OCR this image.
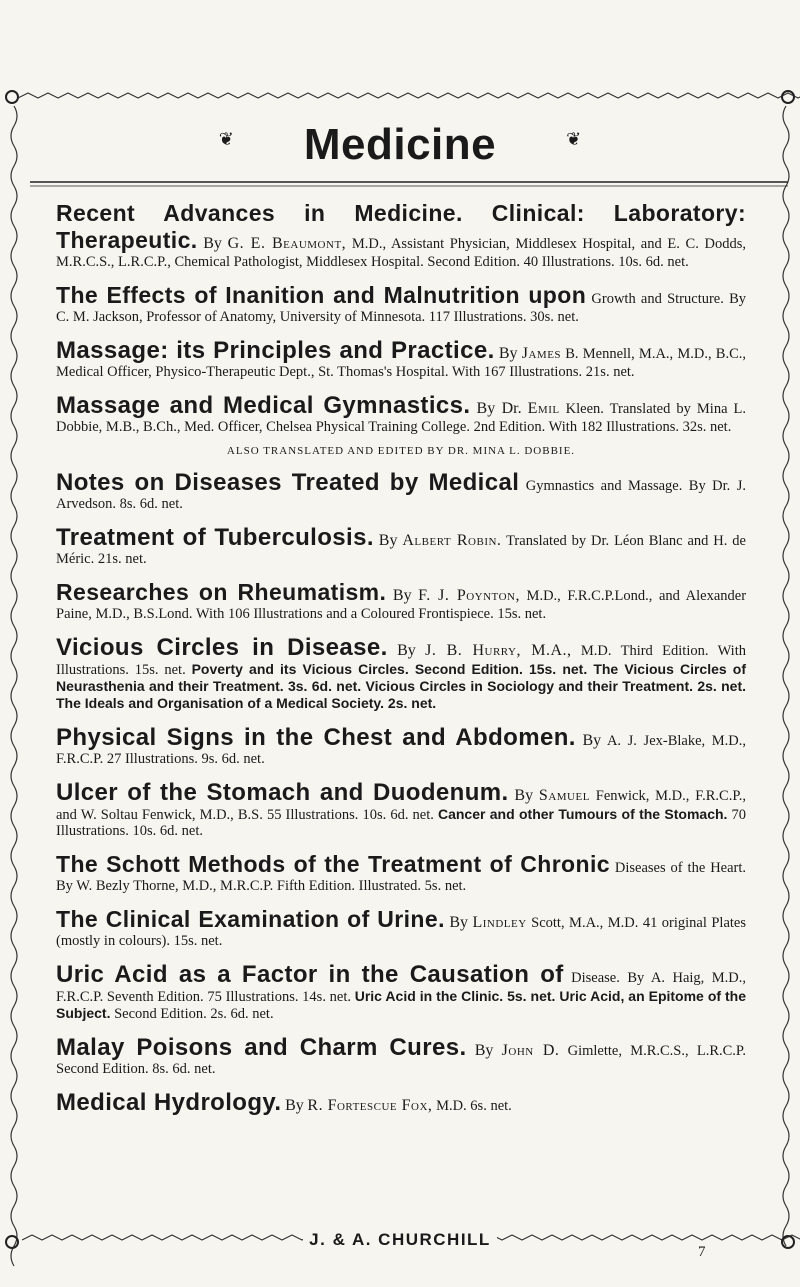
❦ Medicine	❦

Recent Advances in Medicine. Clinical: Laboratory: Therapeutic. By G. E. Beaumont, M.D., Assistant Physician, Middlesex Hospital, and E. C. Dodds, M.R.C.S., L.R.C.P., Chemical Pathologist, Middlesex Hospital. Second Edition. 40 Illustrations. 10s. 6d. net.

The Effects of Inanition and Malnutrition upon Growth and Structure. By C. M. Jackson, Professor of Anatomy, University of Minnesota. 117 Illustrations. 30s. net.

Massage: its Principles and Practice. By James B. Mennell, M.A., M.D., B.C., Medical Officer, Physico-Therapeutic Dept., St. Thomas's Hospital. With 167 Illustrations. 21s. net.

Massage and Medical Gymnastics. By Dr. Emil Kleen. Translated by Mina L. Dobbie, M.B., B.Ch., Med. Officer, Chelsea Physical Training College. 2nd Edition. With 182 Illustrations. 32s. net.

ALSO TRANSLATED AND EDITED BY DR. MINA L. DOBBIE.

Notes on Diseases Treated by Medical Gymnastics and Massage. By Dr. J. Arvedson. 8s. 6d. net.

Treatment of Tuberculosis. By Albert Robin. Translated by Dr. Léon Blanc and H. de Méric. 21s. net.

Researches on Rheumatism. By F. J. Poynton, M.D., F.R.C.P.Lond., and Alexander Paine, M.D., B.S.Lond. With 106 Illustrations and a Coloured Frontispiece. 15s. net.

Vicious Circles in Disease. By J. B. Hurry, M.A., M.D. Third Edition. With Illustrations. 15s. net. Poverty and its Vicious Circles. Second Edition. 15s. net. The Vicious Circles of Neurasthenia and their Treatment. 3s. 6d. net. Vicious Circles in Sociology and their Treatment. 2s. net. The Ideals and Organisation of a Medical Society. 2s. net.

Physical Signs in the Chest and Abdomen. By A. J. Jex-Blake, M.D., F.R.C.P. 27 Illustrations. 9s. 6d. net.

Ulcer of the Stomach and Duodenum. By Samuel Fenwick, M.D., F.R.C.P., and W. Soltau Fenwick, M.D., B.S. 55 Illustrations. 10s. 6d. net. Cancer and other Tumours of the Stomach. 70 Illustrations. 10s. 6d. net.

The Schott Methods of the Treatment of Chronic Diseases of the Heart. By W. Bezly Thorne, M.D., M.R.C.P. Fifth Edition. Illustrated. 5s. net.

The Clinical Examination of Urine. By Lindley Scott, M.A., M.D. 41 original Plates (mostly in colours). 15s. net.

Uric Acid as a Factor in the Causation of Disease. By A. Haig, M.D., F.R.C.P. Seventh Edition. 75 Illustrations. 14s. net. Uric Acid in the Clinic. 5s. net. Uric Acid, an Epitome of the Subject. Second Edition. 2s. 6d. net.

Malay Poisons and Charm Cures. By John D. Gimlette, M.R.C.S., L.R.C.P. Second Edition. 8s. 6d. net.

Medical Hydrology. By R. Fortescue Fox, M.D. 6s. net.

J. & A. CHURCHILL
7
